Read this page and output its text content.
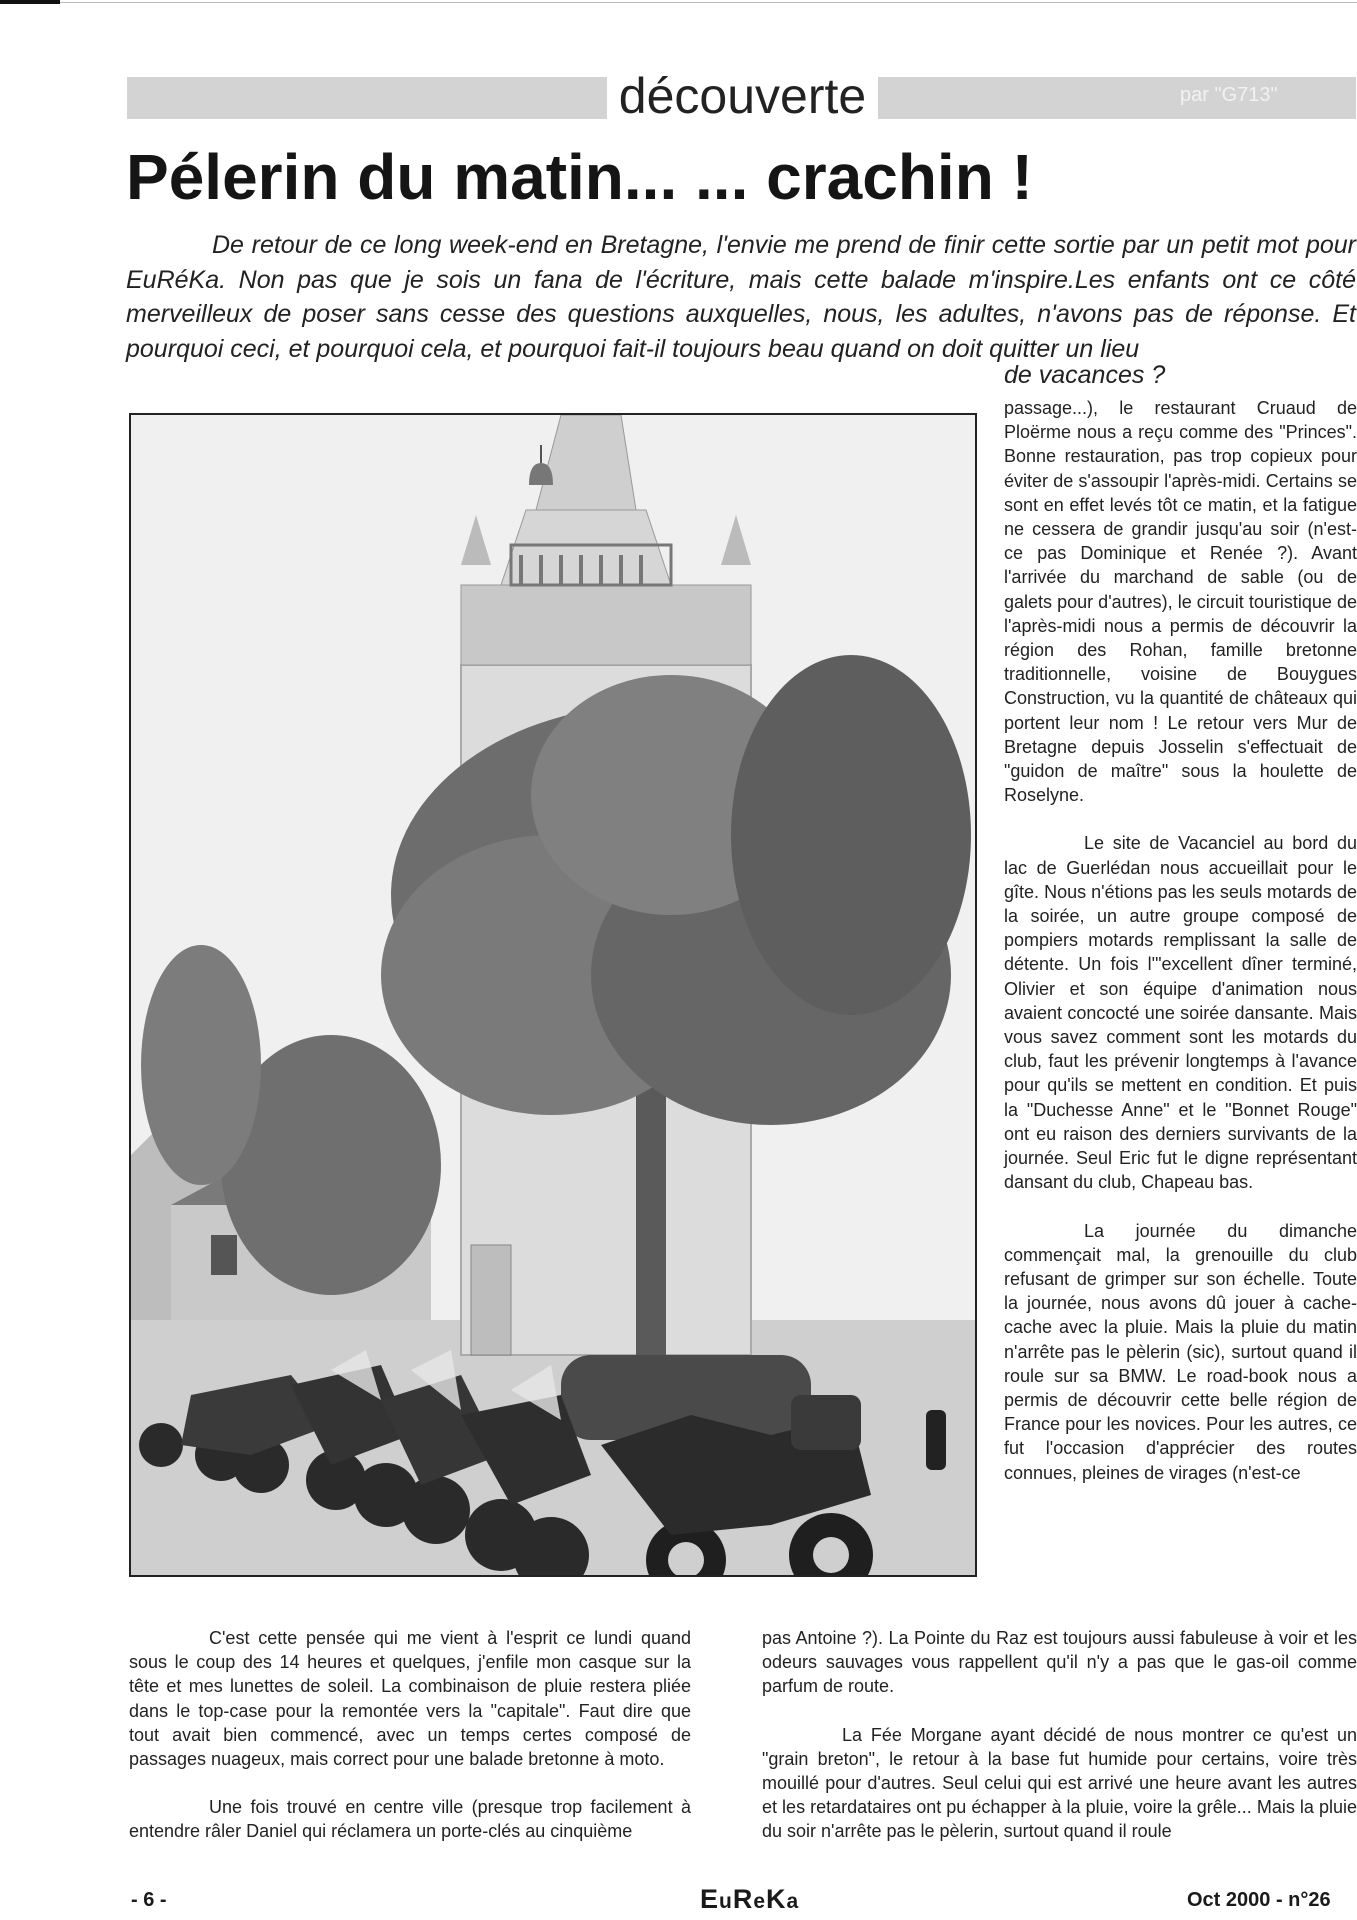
découverte	par "G713"
Pélerin du matin... ... crachin !

De retour de ce long week-end en Bretagne, l'envie me prend de finir cette sortie par un petit mot pour EuRéKa. Non pas que je sois un fana de l'écriture, mais cette balade m'inspire.Les enfants ont ce côté merveilleux de poser sans cesse des questions auxquelles, nous, les adultes, n'avons pas de réponse. Et pourquoi ceci, et pourquoi cela, et pourquoi fait-il toujours beau quand on doit quitter un lieu

de vacances ?

passage...), le restaurant Cruaud de Ploërme nous a reçu comme des "Princes". Bonne restauration, pas trop copieux pour éviter de s'assoupir l'après-midi. Certains se sont en effet levés tôt ce matin, et la fatigue ne cessera de grandir jusqu'au soir (n'est-ce pas Dominique et Renée ?). Avant l'arrivée du marchand de sable (ou de galets pour d'autres), le circuit touristique de l'après-midi nous a permis de découvrir la région des Rohan, famille bretonne traditionnelle, voisine de Bouygues Construction, vu la quantité de châteaux qui portent leur nom ! Le retour vers Mur de Bretagne depuis Josselin s'effectuait de "guidon de maître" sous la houlette de Roselyne.

Le site de Vacanciel au bord du lac de Guerlédan nous accueillait pour le gîte. Nous n'étions pas les seuls motards de la soirée, un autre groupe composé de pompiers motards remplissant la salle de détente. Un fois l'"excellent dîner terminé, Olivier et son équipe d'animation nous avaient concocté une soirée dansante. Mais vous savez comment sont les motards du club, faut les prévenir longtemps à l'avance pour qu'ils se mettent en condition. Et puis la "Duchesse Anne" et le "Bonnet Rouge" ont eu raison des derniers survivants de la journée. Seul Eric fut le digne représentant dansant du club, Chapeau bas.

La journée du dimanche commençait mal, la grenouille du club refusant de grimper sur son échelle. Toute la journée, nous avons dû jouer à cache-cache avec la pluie. Mais la pluie du matin n'arrête pas le pèlerin (sic), surtout quand il roule sur sa BMW. Le road-book nous a permis de découvrir cette belle région de France pour les novices. Pour les autres, ce fut l'occasion d'apprécier des routes connues, pleines de virages (n'est-ce

C'est cette pensée qui me vient à l'esprit ce lundi quand sous le coup des 14 heures et quelques, j'enfile mon casque sur la tête et mes lunettes de soleil. La combinaison de pluie restera pliée dans le top-case pour la remontée vers la "capitale". Faut dire que tout avait bien commencé, avec un temps certes composé de passages nuageux, mais correct pour une balade bretonne à moto.

Une fois trouvé en centre ville (presque trop facilement à entendre râler Daniel qui réclamera un porte-clés au cinquième

pas Antoine ?). La Pointe du Raz est toujours aussi fabuleuse à voir et les odeurs sauvages vous rappellent qu'il n'y a pas que le gas-oil comme parfum de route.

La Fée Morgane ayant décidé de nous montrer ce qu'est un "grain breton", le retour à la base fut humide pour certains, voire très mouillé pour d'autres. Seul celui qui est arrivé une heure avant les autres et les retardataires ont pu échapper à la pluie, voire la grêle... Mais la pluie du soir n'arrête pas le pèlerin, surtout quand il roule

- 6 -	EuReKa	Oct 2000 - n°26
